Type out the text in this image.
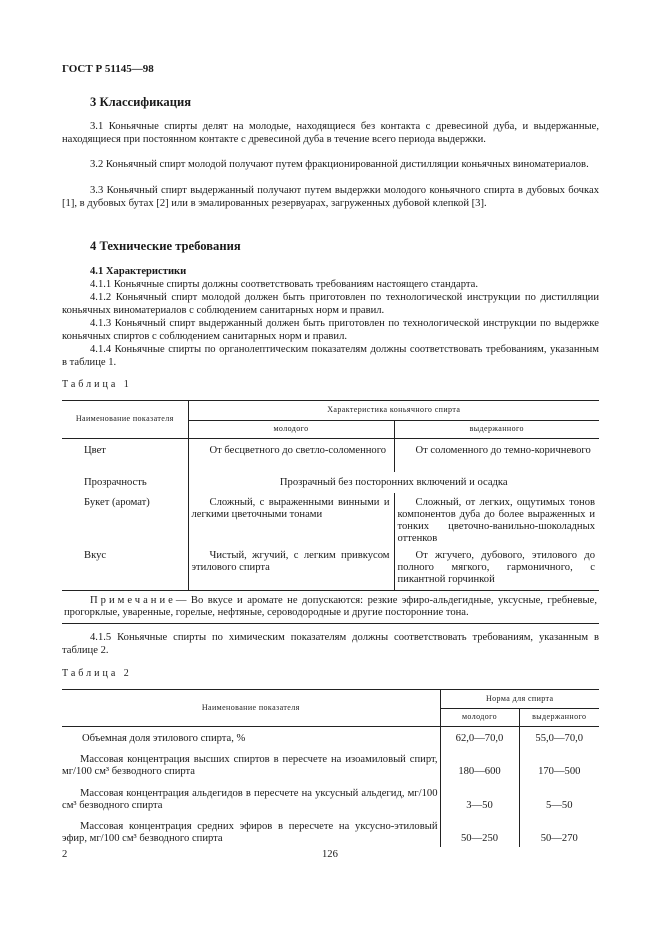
ГОСТ Р 51145—98
3 Классификация
3.1 Коньячные спирты делят на молодые, находящиеся без контакта с древесиной дуба, и выдержанные, находящиеся при постоянном контакте с древесиной дуба в течение всего периода выдержки.
3.2 Коньячный спирт молодой получают путем фракционированной дистилляции коньячных виноматериалов.
3.3 Коньячный спирт выдержанный получают путем выдержки молодого коньячного спирта в дубовых бочках [1], в дубовых бутах [2] или в эмалированных резервуарах, загруженных дубовой клепкой [3].
4 Технические требования
4.1 Характеристики
4.1.1 Коньячные спирты должны соответствовать требованиям настоящего стандарта.
4.1.2 Коньячный спирт молодой должен быть приготовлен по технологической инструкции по дистилляции коньячных виноматериалов с соблюдением санитарных норм и правил.
4.1.3 Коньячный спирт выдержанный должен быть приготовлен по технологической инструкции по выдержке коньячных спиртов с соблюдением санитарных норм и правил.
4.1.4 Коньячные спирты по органолептическим показателям должны соответствовать требованиям, указанным в таблице 1.
Таблица 1
Наименование показателя	Характеристика коньячного спирта	
	молодого	выдержанного
Цвет	От бесцветного до светло-соломенного	От соломенного до темно-коричневого
Прозрачность	Прозрачный без посторонних включений и осадка	
Букет (аромат)	Сложный, с выраженными винными и легкими цветочными тонами	Сложный, от легких, ощутимых тонов компонентов дуба до более выраженных и тонких цветочно-ванильно-шоколадных оттенков
Вкус	Чистый, жгучий, с легким привкусом этилового спирта	От жгучего, дубового, этилового до полного мягкого, гармоничного, с пикантной горчинкой
Примечание— Во вкусе и аромате не допускаются: резкие эфиро-альдегидные, уксусные, гребневые, прогорклые, уваренные, горелые, нефтяные, сероводородные и другие посторонние тона.		
4.1.5 Коньячные спирты по химическим показателям должны соответствовать требованиям, указанным в таблице 2.
Таблица 2
Наименование показателя	Норма для спирта	
	молодого	выдержанного
Объемная доля этилового спирта, %	62,0—70,0	55,0—70,0
Массовая концентрация высших спиртов в пересчете на изоамиловый спирт, мг/100 см³ безводного спирта	180—600	170—500
Массовая концентрация альдегидов в пересчете на уксусный альдегид, мг/100 см³ безводного спирта	3—50	5—50
Массовая концентрация средних эфиров в пересчете на уксусно-этиловый эфир, мг/100 см³ безводного спирта	50—250	50—270
2	126
